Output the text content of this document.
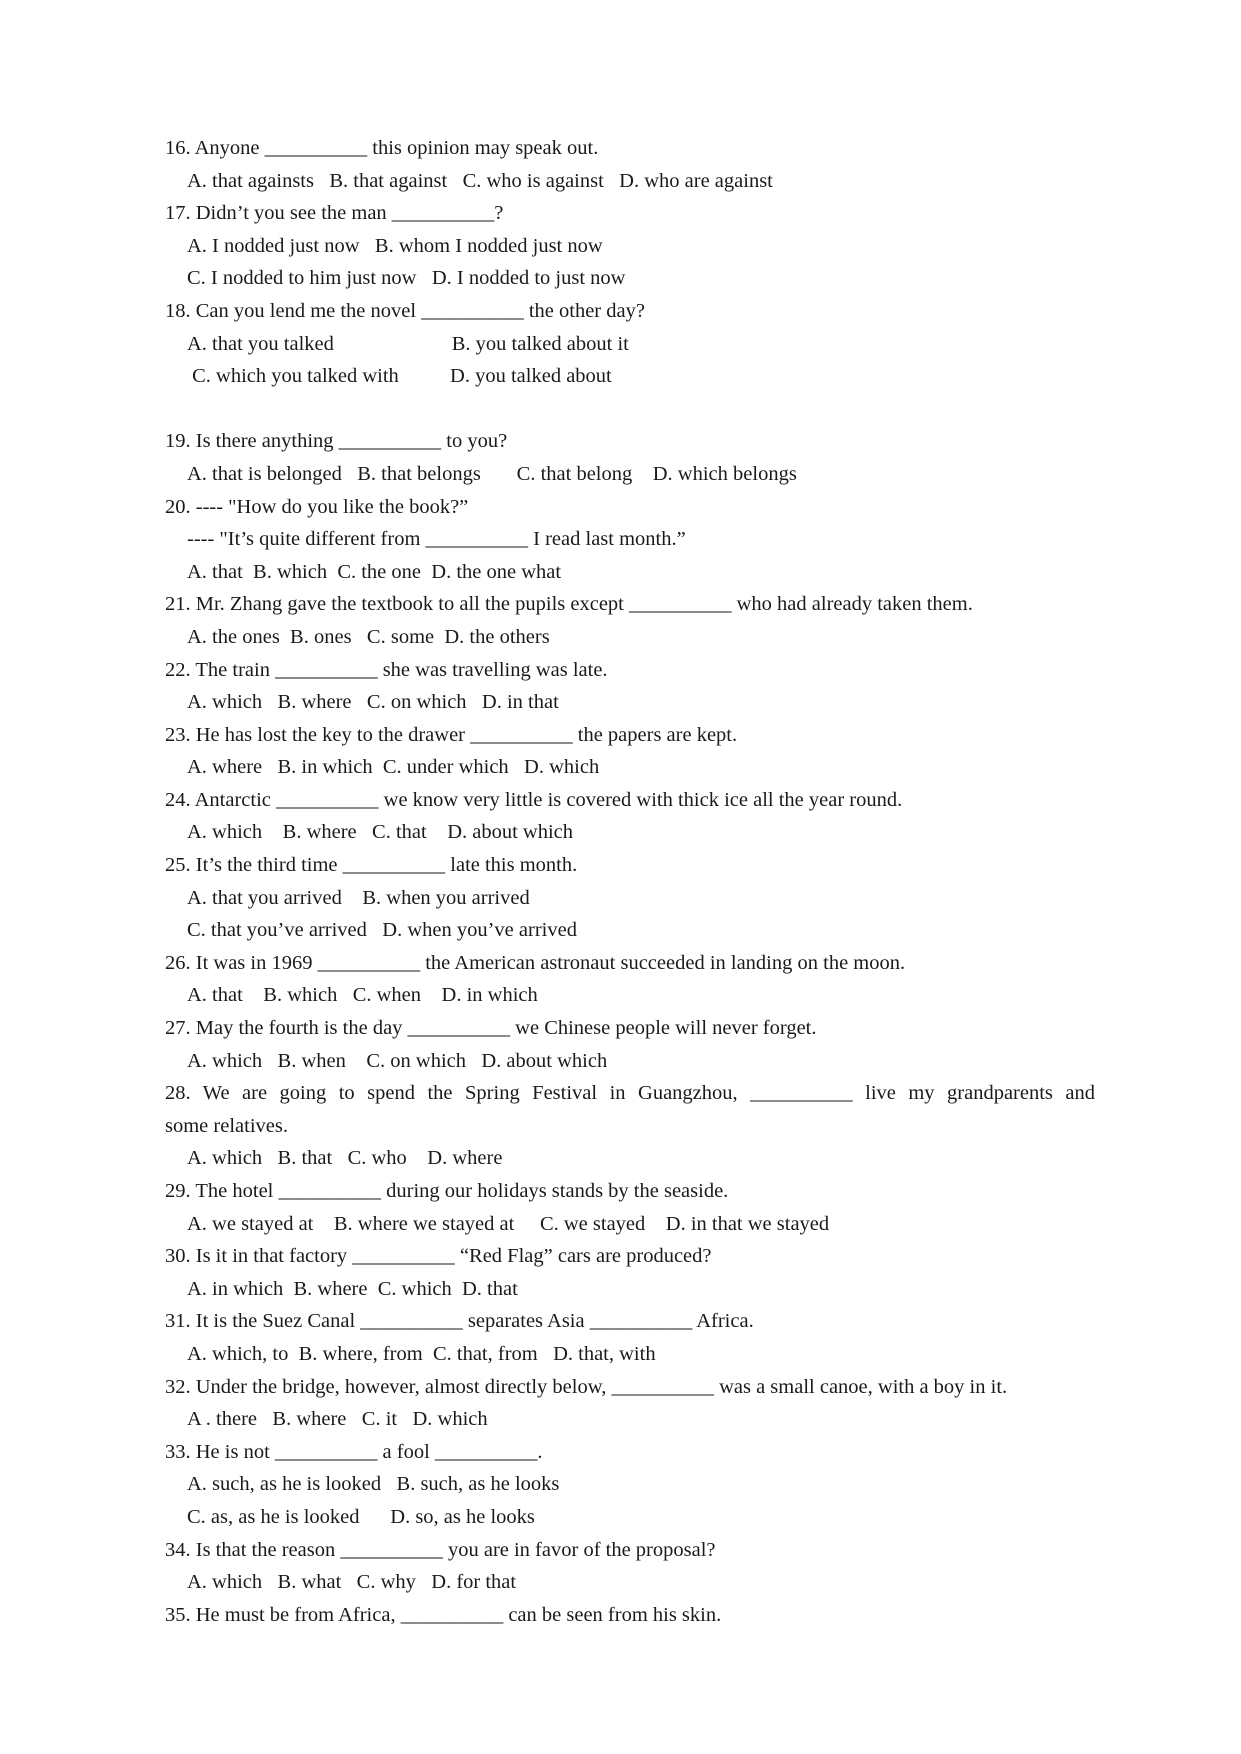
16. Anyone __________ this opinion may speak out.
A. that againsts   B. that against   C. who is against   D. who are against
17. Didn’t you see the man __________?
A. I nodded just now   B. whom I nodded just now
C. I nodded to him just now   D. I nodded to just now
18. Can you lend me the novel __________ the other day?
A. that you talked                       B. you talked about it
C. which you talked with          D. you talked about
19. Is there anything __________ to you?
A. that is belonged   B. that belongs       C. that belong    D. which belongs
20. ---- "How do you like the book?”
---- "It’s quite different from __________ I read last month.”
A. that  B. which  C. the one  D. the one what
21. Mr. Zhang gave the textbook to all the pupils except __________ who had already taken them.
A. the ones  B. ones   C. some  D. the others
22. The train __________ she was travelling was late.
A. which   B. where   C. on which   D. in that
23. He has lost the key to the drawer __________ the papers are kept.
A. where   B. in which  C. under which   D. which
24. Antarctic __________ we know very little is covered with thick ice all the year round.
A. which    B. where   C. that    D. about which
25. It’s the third time __________ late this month.
A. that you arrived    B. when you arrived
C. that you’ve arrived   D. when you’ve arrived
26. It was in 1969 __________ the American astronaut succeeded in landing on the moon.
A. that    B. which   C. when    D. in which
27. May the fourth is the day __________ we Chinese people will never forget.
A. which   B. when    C. on which   D. about which
28. We are going to spend the Spring Festival in Guangzhou, __________ live my grandparents and
some relatives.
A. which   B. that   C. who    D. where
29. The hotel __________ during our holidays stands by the seaside.
A. we stayed at    B. where we stayed at     C. we stayed    D. in that we stayed
30. Is it in that factory __________ “Red Flag” cars are produced?
A. in which  B. where  C. which  D. that
31. It is the Suez Canal __________ separates Asia __________ Africa.
A. which, to  B. where, from  C. that, from   D. that, with
32. Under the bridge, however, almost directly below, __________ was a small canoe, with a boy in it.
A . there   B. where   C. it   D. which
33. He is not __________ a fool __________.
A. such, as he is looked   B. such, as he looks
C. as, as he is looked      D. so, as he looks
34. Is that the reason __________ you are in favor of the proposal?
A. which   B. what   C. why   D. for that
35. He must be from Africa, __________ can be seen from his skin.
